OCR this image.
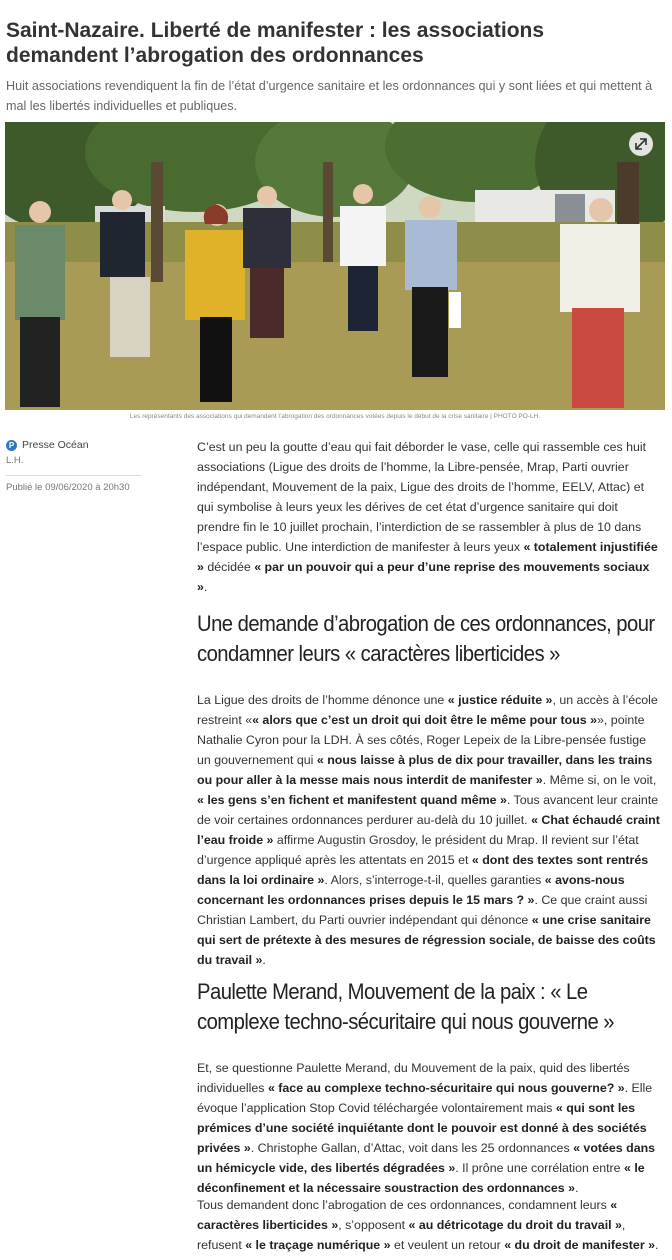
Saint-Nazaire. Liberté de manifester : les associations demandent l’abrogation des ordonnances

Huit associations revendiquent la fin de l’état d’urgence sanitaire et les ordonnances qui y sont liées et qui mettent à mal les libertés individuelles et publiques.

Les représentants des associations qui demandent l’abrogation des ordonnances votées depuis le début de la crise sanitaire | PHOTO PO-LH.
P Presse Océan
L.H.
Publié le 09/06/2020 à 20h30

C’est un peu la goutte d’eau qui fait déborder le vase, celle qui rassemble ces huit associations (Ligue des droits de l’homme, la Libre-pensée, Mrap, Parti ouvrier indépendant, Mouvement de la paix, Ligue des droits de l’homme, EELV, Attac) et qui symbolise à leurs yeux les dérives de cet état d’urgence sanitaire qui doit prendre fin le 10 juillet prochain, l’interdiction de se rassembler à plus de 10 dans l’espace public. Une interdiction de manifester à leurs yeux « totalement injustifiée » décidée « par un pouvoir qui a peur d’une reprise des mouvements sociaux ».

Une demande d’abrogation de ces ordonnances, pour condamner leurs « caractères liberticides »

La Ligue des droits de l’homme dénonce une « justice réduite », un accès à l’école restreint «« alors que c’est un droit qui doit être le même pour tous »», pointe Nathalie Cyron pour la LDH. À ses côtés, Roger Lepeix de la Libre-pensée fustige un gouvernement qui « nous laisse à plus de dix pour travailler, dans les trains ou pour aller à la messe mais nous interdit de manifester ». Même si, on le voit, « les gens s’en fichent et manifestent quand même ». Tous avancent leur crainte de voir certaines ordonnances perdurer au-delà du 10 juillet. « Chat échaudé craint l’eau froide » affirme Augustin Grosdoy, le président du Mrap. Il revient sur l’état d’urgence appliqué après les attentats en 2015 et « dont des textes sont rentrés dans la loi ordinaire ». Alors, s’interroge-t-il, quelles garanties « avons-nous concernant les ordonnances prises depuis le 15 mars ? ». Ce que craint aussi Christian Lambert, du Parti ouvrier indépendant qui dénonce « une crise sanitaire qui sert de prétexte à des mesures de régression sociale, de baisse des coûts du travail ».

Paulette Merand, Mouvement de la paix : « Le complexe techno-sécuritaire qui nous gouverne »

Et, se questionne Paulette Merand, du Mouvement de la paix, quid des libertés individuelles « face au complexe techno-sécuritaire qui nous gouverne? ». Elle évoque l’application Stop Covid téléchargée volontairement mais « qui sont les prémices d’une société inquiétante dont le pouvoir est donné à des sociétés privées ». Christophe Gallan, d’Attac, voit dans les 25 ordonnances « votées dans un hémicycle vide, des libertés dégradées ». Il prône une corrélation entre « le déconfinement et la nécessaire soustraction des ordonnances ».

Tous demandent donc l’abrogation de ces ordonnances, condamnent leurs « caractères liberticides », s’opposent « au détricotage du droit du travail », refusent « le traçage numérique » et veulent un retour « du droit de manifester ».
